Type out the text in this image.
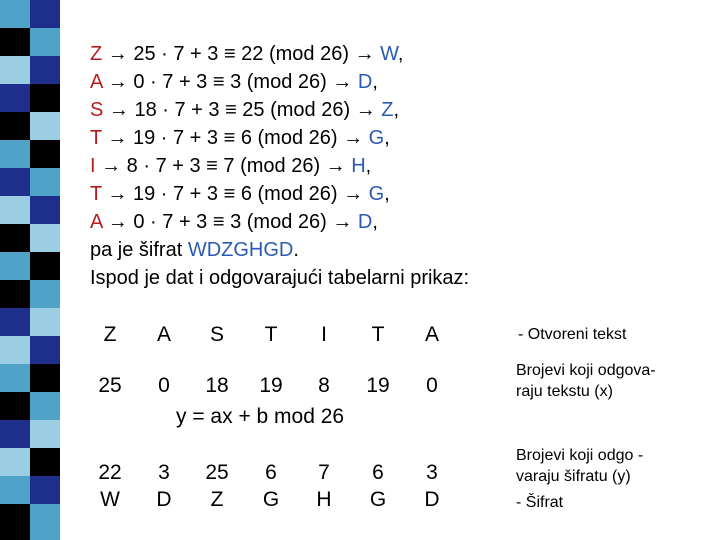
Z → 25 · 7 + 3 ≡ 22 (mod 26) → W,
A → 0 · 7 + 3 ≡ 3 (mod 26) → D,
S → 18 · 7 + 3 ≡ 25 (mod 26) → Z,
T → 19 · 7 + 3 ≡ 6 (mod 26) → G,
I → 8 · 7 + 3 ≡ 7 (mod 26) → H,
T → 19 · 7 + 3 ≡ 6 (mod 26) → G,
A → 0 · 7 + 3 ≡ 3 (mod 26) → D,
pa je šifrat WDZGHGD.
Ispod je dat i odgovarajući tabelarni prikaz:
Z	A	S	T	I	T	A
25	0	18	19	8	19	0
y = ax + b mod 26
22	3	25	6	7	6	3
W	D	Z	G	H	G	D
- Otvoreni tekst
Brojevi koji odgova-
raju tekstu (x)
Brojevi koji odgo -
varaju šifratu (y)
- Šifrat
